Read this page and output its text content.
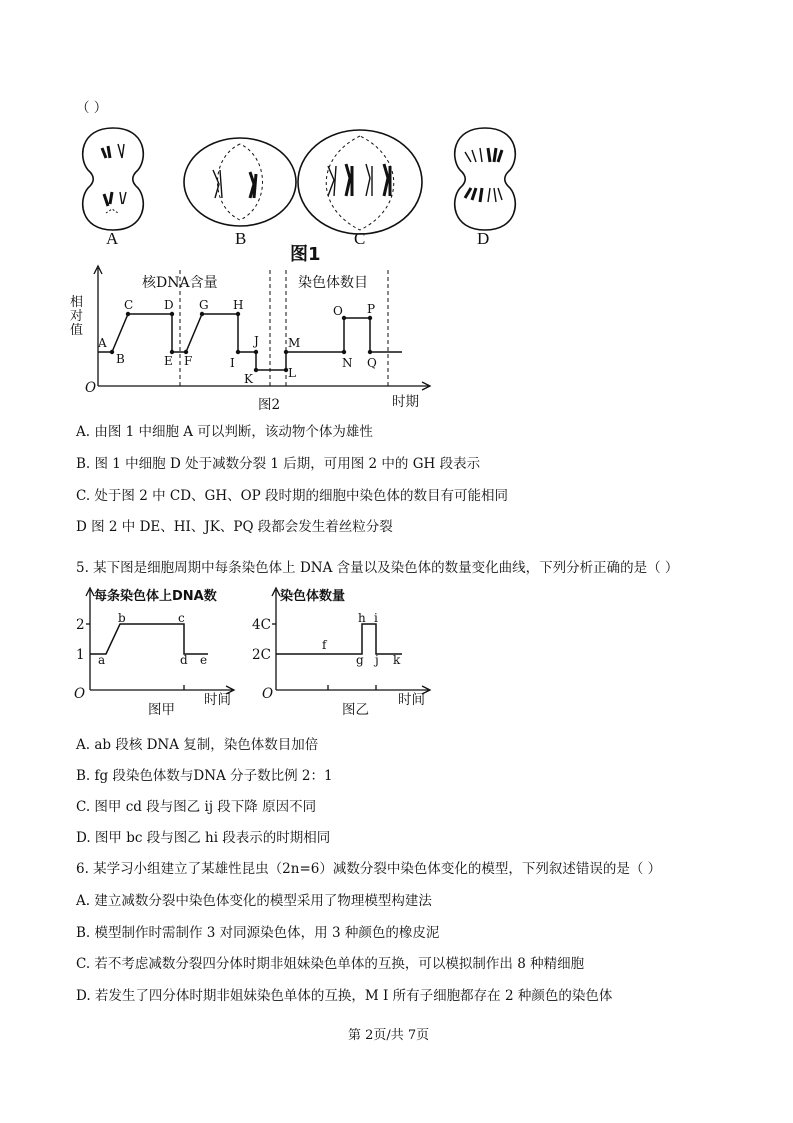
（ ）
A	B	C	D
图1
相对值
O
核DNA含量	染色体数目
图2	时期
A
B
C	D
E F
G H
I
J
K	L
M
N
O P
Q
A. 由图 1 中细胞 A 可以判断，该动物个体为雄性
B. 图 1 中细胞 D 处于减数分裂 1 后期，可用图 2 中的 GH 段表示
C. 处于图 2 中 CD、GH、OP 段时期的细胞中染色体的数目有可能相同
D 图 2 中 DE、HI、JK、PQ 段都会发生着丝粒分裂
5. 某下图是细胞周期中每条染色体上 DNA 含量以及染色体的数量变化曲线，下列分析正确的是（ ）
每条染色体上DNA数
2
1
O
a
b	c
d e
图甲
时间
染色体数量
4C
2C
O
f
g
h i
j k
图乙
时间
A. ab 段核 DNA 复制，染色体数目加倍
B. fg 段染色体数与DNA 分子数比例 2：1
C. 图甲 cd 段与图乙 ij 段下降 原因不同
D. 图甲 bc 段与图乙 hi 段表示的时期相同
6. 某学习小组建立了某雄性昆虫（2n=6）减数分裂中染色体变化的模型，下列叙述错误的是（ ）
A. 建立减数分裂中染色体变化的模型采用了物理模型构建法
B. 模型制作时需制作 3 对同源染色体，用 3 种颜色的橡皮泥
C. 若不考虑减数分裂四分体时期非姐妹染色单体的互换，可以模拟制作出 8 种精细胞
D. 若发生了四分体时期非姐妹染色单体的互换，M Ⅰ 所有子细胞都存在 2 种颜色的染色体
第 2页/共 7页
